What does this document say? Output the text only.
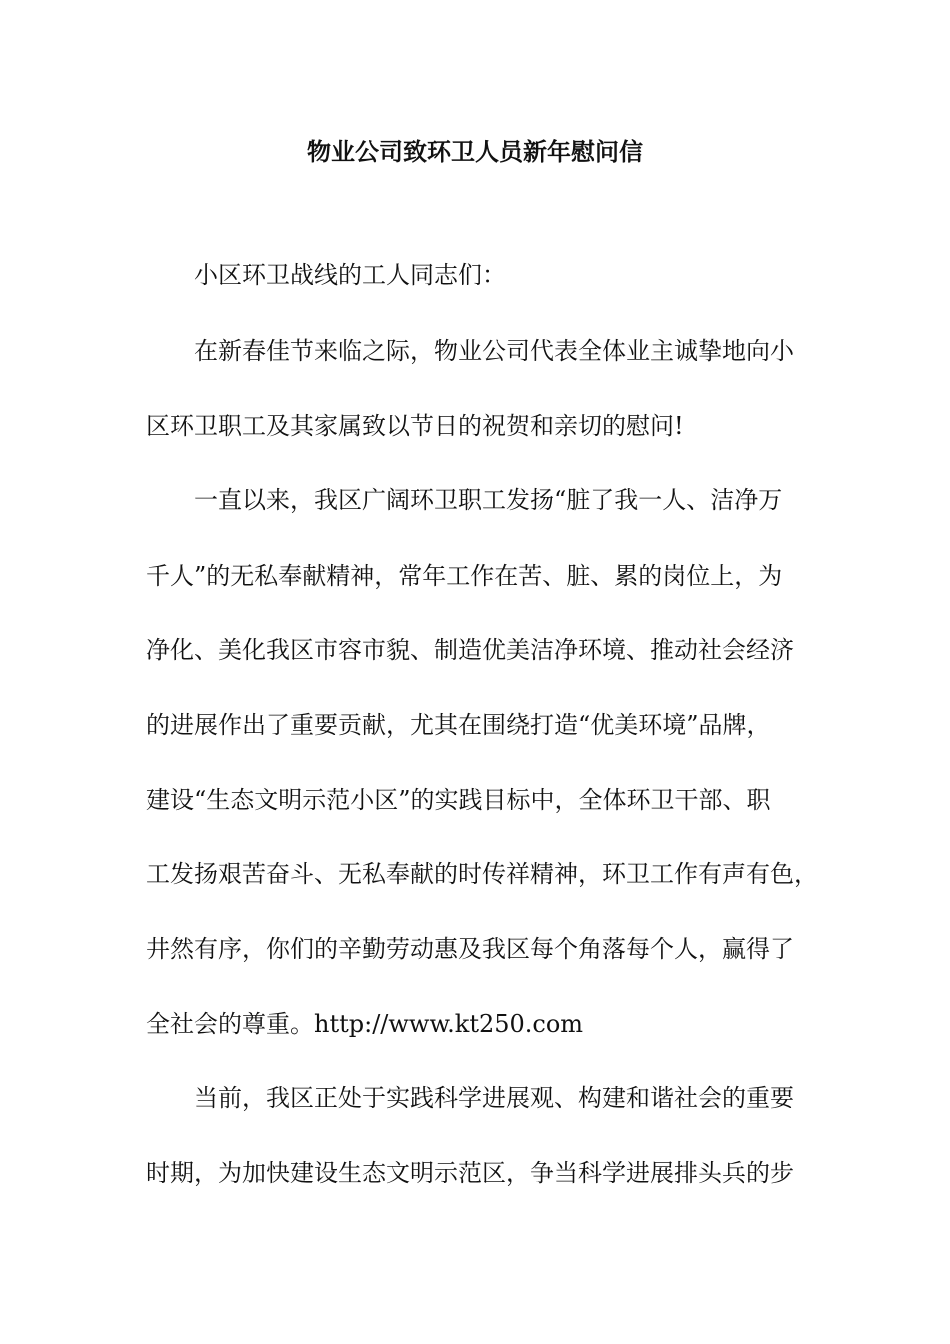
物业公司致环卫人员新年慰问信
小区环卫战线的工人同志们：
在新春佳节来临之际，物业公司代表全体业主诚挚地向小
区环卫职工及其家属致以节日的祝贺和亲切的慰问!
一直以来，我区广阔环卫职工发扬“脏了我一人、洁净万
千人”的无私奉献精神，常年工作在苦、脏、累的岗位上，为
净化、美化我区市容市貌、制造优美洁净环境、推动社会经济
的进展作出了重要贡献，尤其在围绕打造“优美环境”品牌，
建设“生态文明示范小区”的实践目标中，全体环卫干部、职
工发扬艰苦奋斗、无私奉献的时传祥精神，环卫工作有声有色，
井然有序，你们的辛勤劳动惠及我区每个角落每个人，赢得了
全社会的尊重。http://www.kt250.com
当前，我区正处于实践科学进展观、构建和谐社会的重要
时期，为加快建设生态文明示范区，争当科学进展排头兵的步
